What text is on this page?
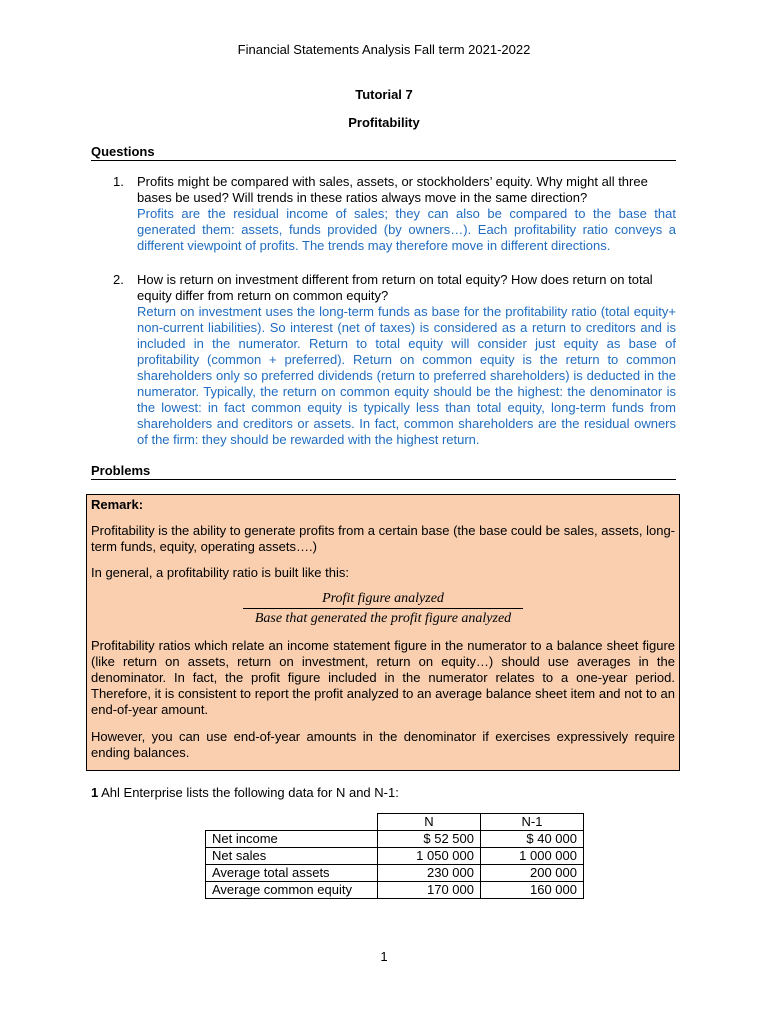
Financial Statements Analysis Fall term 2021-2022
Tutorial 7
Profitability
Questions
1. Profits might be compared with sales, assets, or stockholders’ equity. Why might all three bases be used? Will trends in these ratios always move in the same direction?
Profits are the residual income of sales; they can also be compared to the base that generated them: assets, funds provided (by owners…). Each profitability ratio conveys a different viewpoint of profits. The trends may therefore move in different directions.
2. How is return on investment different from return on total equity? How does return on total equity differ from return on common equity?
Return on investment uses the long-term funds as base for the profitability ratio (total equity+ non-current liabilities). So interest (net of taxes) is considered as a return to creditors and is included in the numerator. Return to total equity will consider just equity as base of profitability (common + preferred). Return on common equity is the return to common shareholders only so preferred dividends (return to preferred shareholders) is deducted in the numerator. Typically, the return on common equity should be the highest: the denominator is the lowest: in fact common equity is typically less than total equity, long-term funds from shareholders and creditors or assets. In fact, common shareholders are the residual owners of the firm: they should be rewarded with the highest return.
Problems

Remark:

Profitability is the ability to generate profits from a certain base (the base could be sales, assets, long-term funds, equity, operating assets….)

In general, a profitability ratio is built like this:

Profit figure analyzed
Base that generated the profit figure analyzed

Profitability ratios which relate an income statement figure in the numerator to a balance sheet figure (like return on assets, return on investment, return on equity…) should use averages in the denominator. In fact, the profit figure included in the numerator relates to a one-year period. Therefore, it is consistent to report the profit analyzed to an average balance sheet item and not to an end-of-year amount.

However, you can use end-of-year amounts in the denominator if exercises expressively require ending balances.

1 Ahl Enterprise lists the following data for N and N-1:
	N	N-1
Net income	$ 52 500	$ 40 000
Net sales	1 050 000	1 000 000
Average total assets	230 000	200 000
Average common equity	170 000	160 000
1
